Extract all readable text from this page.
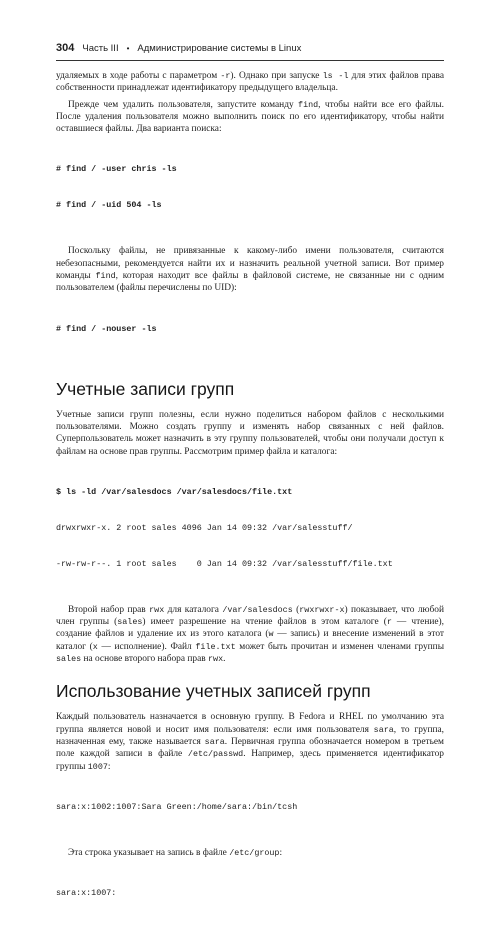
304 Часть III • Администрирование системы в Linux

удаляемых в ходе работы с параметром -r). Однако при запуске ls -l для этих файлов права собственности принадлежат идентификатору предыдущего владельца.

Прежде чем удалить пользователя, запустите команду find, чтобы найти все его файлы. После удаления пользователя можно выполнить поиск по его идентификатору, чтобы найти оставшиеся файлы. Два варианта поиска:

# find / -user chris -ls

# find / -uid 504 -ls

Поскольку файлы, не привязанные к какому-либо имени пользователя, считаются небезопасными, рекомендуется найти их и назначить реальной учетной записи. Вот пример команды find, которая находит все файлы в файловой системе, не связанные ни с одним пользователем (файлы перечислены по UID):

# find / -nouser -ls

Учетные записи групп

Учетные записи групп полезны, если нужно поделиться набором файлов с несколькими пользователями. Можно создать группу и изменять набор связанных с ней файлов. Суперпользователь может назначить в эту группу пользователей, чтобы они получали доступ к файлам на основе прав группы. Рассмотрим пример файла и каталога:

$ ls -ld /var/salesdocs /var/salesdocs/file.txt

drwxrwxr-x. 2 root sales 4096 Jan 14 09:32 /var/salesstuff/

-rw-rw-r--. 1 root sales    0 Jan 14 09:32 /var/salesstuff/file.txt

Второй набор прав rwx для каталога /var/salesdocs (rwxrwxr-x) показывает, что любой член группы (sales) имеет разрешение на чтение файлов в этом каталоге (r — чтение), создание файлов и удаление их из этого каталога (w — запись) и внесение изменений в этот каталог (x — исполнение). Файл file.txt может быть прочитан и изменен членами группы sales на основе второго набора прав rwx.

Использование учетных записей групп

Каждый пользователь назначается в основную группу. В Fedora и RHEL по умолчанию эта группа является новой и носит имя пользователя: если имя пользователя sara, то группа, назначенная ему, также называется sara. Первичная группа обозначается номером в третьем поле каждой записи в файле /etc/passwd. Например, здесь применяется идентификатор группы 1007:

sara:x:1002:1007:Sara Green:/home/sara:/bin/tcsh

Эта строка указывает на запись в файле /etc/group:

sara:x:1007:
